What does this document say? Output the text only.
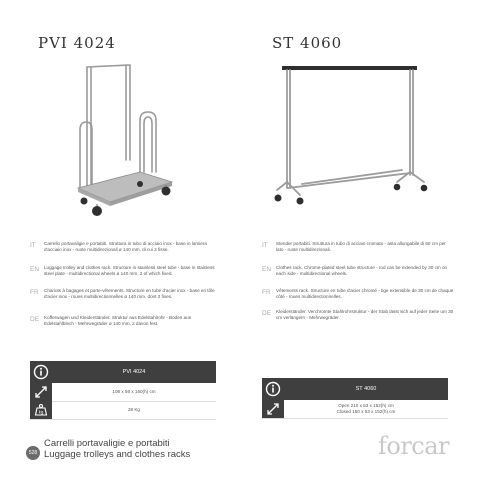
PVI 4024	ST 4060
IT	Carrello portavaligie e portabiti. Struttura in tubo di acciaio inox - base in lamiera d'acciaio inox - ruote multidirezionali ø 140 mm, di cui 2 fisse.
EN	Luggage trolley and clothes rack. Structure in stainless steel tube - base in stainless steel plate - multidirectional wheels ø 140 mm, 2 of which fixed.
FR	Chariots à bagages et porte-vêtements. Structure en tube d'acier inox - base en tôle d'acier inox - roues multidirectionnelles ø 140 mm, dont 2 fixes.
DE	Kofferwagen und Kleiderständer. Struktur aus Edelstahlrohr - Boden aus Edelstahlblech - Mehrwegräder ø 140 mm, 2 davon fest.
IT	Stender portabiti. Struttura in tubo di acciaio cromato - asta allungabile di 60 cm per lato - ruote multidirezionali.
EN	Clothes rack. Chrome-plated steel tube structure - rod can be extended by 30 cm on each side - multidirectional wheels.
FR	Vêtements rack. Structure en tube d'acier chromé - tige extensible de 30 cm de chaque côté - roues multidirectionnelles.
DE	Kleiderständer. Verchromte Stahlrohrstruktur - der Stab lässt sich auf jeder Seite um 30 cm verlängern - Mehrwegräder.
PVI 4024
108 x 56 x 160(h) cm
kg	28 Kg
ST 4060
Open 210 x 53 x 152(h) cm
Closed 150 x 53 x 152(h) cm
528
Carrelli portavaligie e portabiti
Luggage trolleys and clothes racks	forcar
